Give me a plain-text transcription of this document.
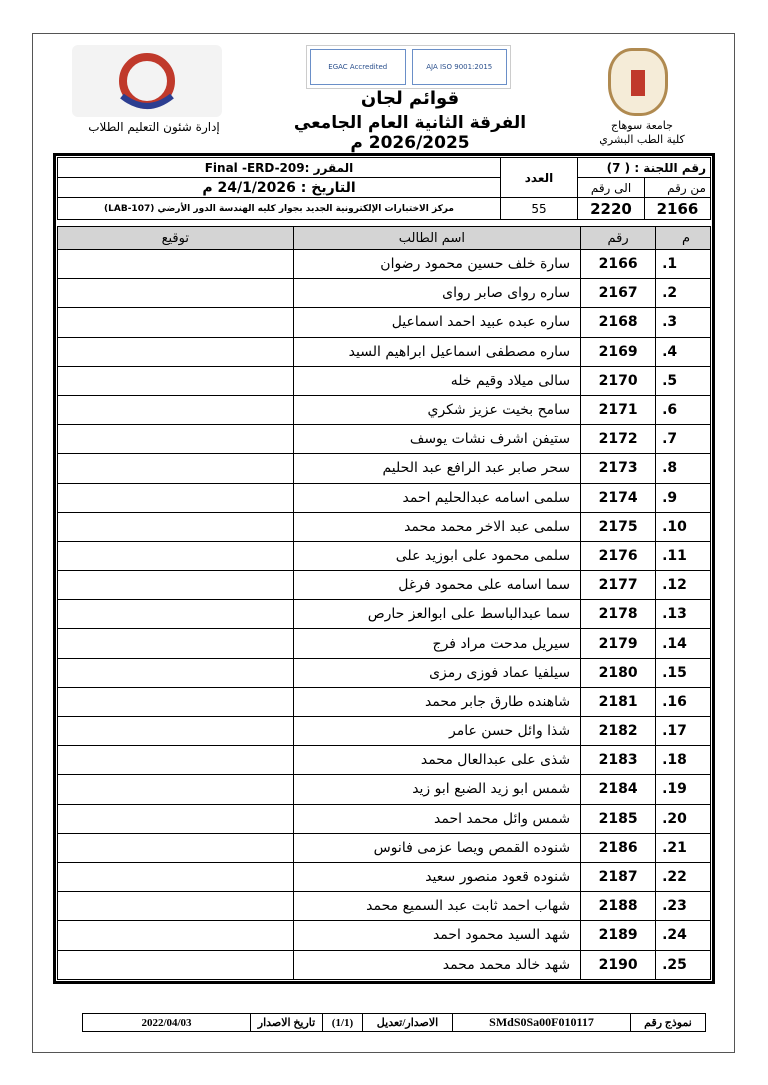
EGAC Accredited	AJA ISO 9001:2015
قوائم لجان
الفرقة الثانية العام الجامعي 2026/2025 م
جامعة سوهاج
كلية الطب البشري
إدارة شئون التعليم الطلاب
رقم اللجنة : ( 7)		العدد	المقرر :Final -ERD-209
من رقم	الى رقم		التاريخ : 24/1/2026 م
2166	2220	55	مركز الاختبارات الإلكترونية الجديد بجوار كليه الهندسة الدور الأرضي (LAB-107)
م	رقم	اسم الطالب	توقيع
1.	2166	سارة خلف حسين محمود رضوان	
2.	2167	ساره رواى صابر رواى	
3.	2168	ساره عبده عبيد احمد اسماعيل	
4.	2169	ساره مصطفى اسماعيل ابراهيم السيد	
5.	2170	سالى ميلاد وقيم خله	
6.	2171	سامح بخيت عزيز شكري	
7.	2172	ستيفن اشرف نشات يوسف	
8.	2173	سحر صابر عبد الرافع عبد الحليم	
9.	2174	سلمى اسامه عبدالحليم احمد	
10.	2175	سلمى عبد الاخر محمد محمد	
11.	2176	سلمى محمود على ابوزيد على	
12.	2177	سما اسامه على محمود فرغل	
13.	2178	سما عبدالباسط على ابوالعز حارص	
14.	2179	سيريل مدحت مراد فرج	
15.	2180	سيلفيا عماد فوزى رمزى	
16.	2181	شاهنده طارق جابر محمد	
17.	2182	شذا وائل حسن عامر	
18.	2183	شذى على عبدالعال محمد	
19.	2184	شمس ابو زيد الضبع ابو زيد	
20.	2185	شمس وائل محمد احمد	
21.	2186	شنوده القمص ويصا عزمى فانوس	
22.	2187	شنوده قعود منصور سعيد	
23.	2188	شهاب احمد ثابت عبد السميع محمد	
24.	2189	شهد السيد محمود احمد	
25.	2190	شهد خالد محمد محمد	
نموذج رقم	SMdS0Sa00F010117	الاصدار/تعديل	(1/1)	تاريخ الاصدار	2022/04/03
